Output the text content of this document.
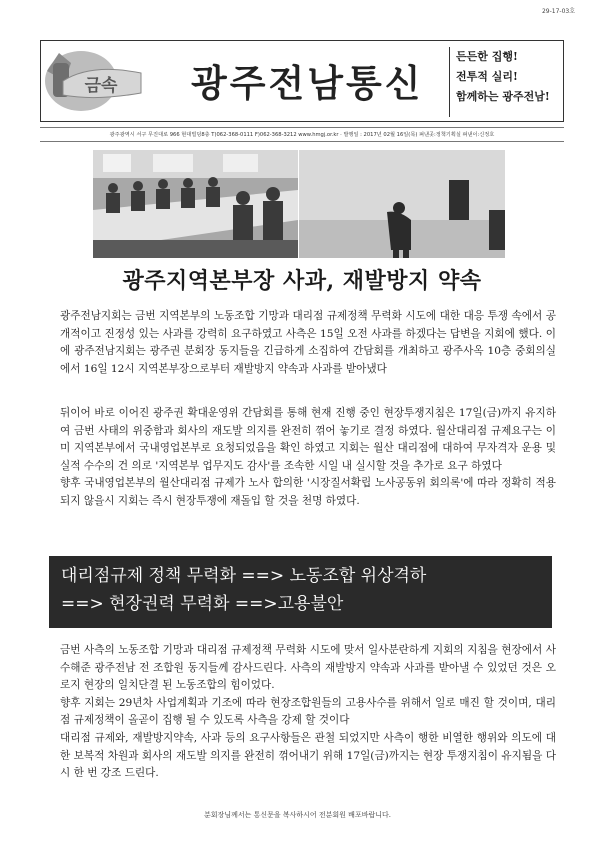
29-17-03호
금속 광주전남통신
든든한 집행!
전투적 실리!
함께하는 광주전남!
광주광역시 서구 무진대로 966 현대빌딩8층 T)062-368-0111 F)062-368-3212 www.hmgj.or.kr · 발행일 : 2017년 02월 16일(목) 펴낸곳:정책기획실 펴낸이:신정호
광주지역본부장 사과, 재발방지 약속
광주전남지회는 금번 지역본부의 노동조합 기망과 대리점 규제정책 무력화 시도에 대한 대응 투쟁 속에서 공개적이고 진정성 있는 사과를 강력히 요구하였고 사측은 15일 오전 사과를 하겠다는 답변을 지회에 했다. 이에 광주전남지회는 광주권 분회장 동지들을 긴급하게 소집하여 간담회를 개최하고 광주사옥 10층 중회의실에서 16일 12시 지역본부장으로부터 재발방지 약속과 사과를 받아냈다
뒤이어 바로 이어진 광주권 확대운영위 간담회를 통해 현재 진행 중인 현장투쟁지침은 17일(금)까지 유지하여 금번 사태의 위중함과 회사의 재도발 의지를 완전히 꺾어 놓기로 결정 하였다. 월산대리점 규제요구는 이미 지역본부에서 국내영업본부로 요청되었음을 확인 하였고 지회는 월산 대리점에 대하여 무자격자 운용 및 실적 수수의 건 의로 '지역본부 업무지도 감사'를 조속한 시일 내 실시할 것을 추가로 요구 하였다
향후 국내영업본부의 월산대리점 규제가 노사 합의한 '시장질서확립 노사공동위 회의록'에 따라 정확히 적용되지 않을시 지회는 즉시 현장투쟁에 재돌입 할 것을 천명 하였다.
대리점규제 정책 무력화 ==> 노동조합 위상격하
==> 현장권력 무력화 ==>고용불안
금번 사측의 노동조합 기망과 대리점 규제정책 무력화 시도에 맞서 일사분란하게 지회의 지침을 현장에서 사수해준 광주전남 전 조합원 동지들께 감사드린다. 사측의 재발방지 약속과 사과를 받아낼 수 있었던 것은 오로지 현장의 일치단결 된 노동조합의 힘이었다.
향후 지회는 29년차 사업계획과 기조에 따라 현장조합원들의 고용사수를 위해서 일로 매진 할 것이며, 대리점 규제정책이 올곧이 집행 될 수 있도록 사측을 강제 할 것이다
대리점 규제와, 재발방지약속, 사과 등의 요구사항들은 관철 되었지만 사측이 행한 비열한 행위와 의도에 대한 보복적 차원과 회사의 재도발 의지를 완전히 꺾어내기 위해 17일(금)까지는 현장 투쟁지침이 유지됨을 다시 한 번 강조 드린다.
분회장님께서는 통신문을 복사하시어 전분회원 배포바랍니다.
